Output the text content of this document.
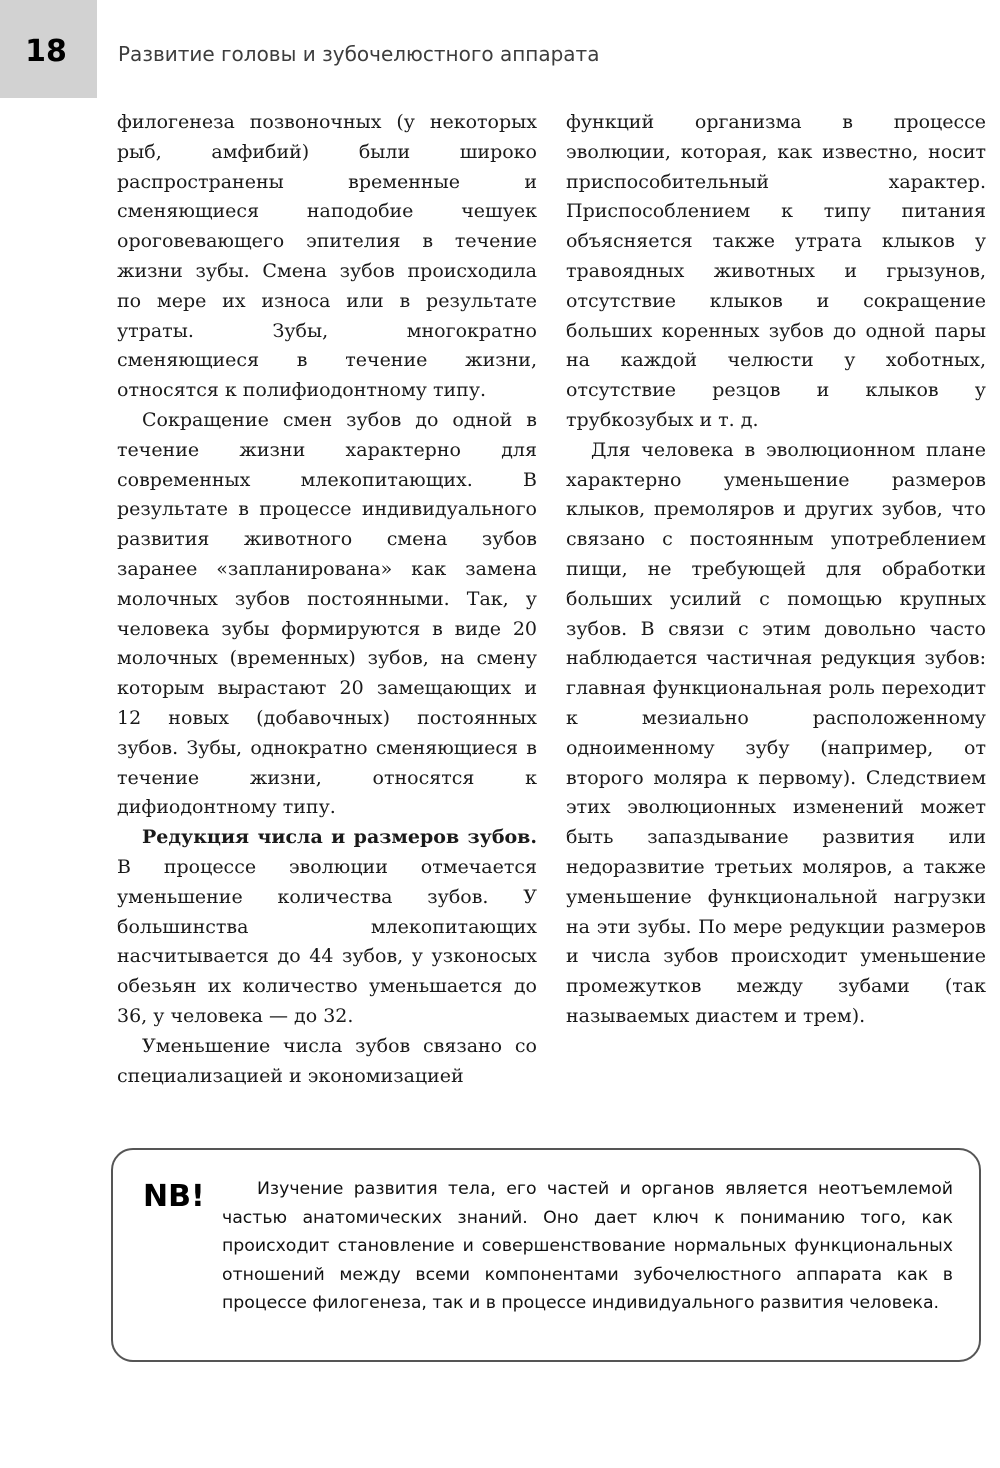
18	Развитие головы и зубочелюстного аппарата

филогенеза позвоночных (у некоторых рыб, амфибий) были широко распространены временные и сменяющиеся наподобие чешуек ороговевающего эпителия в течение жизни зубы. Смена зубов происходила по мере их износа или в результате утраты. Зубы, многократно сменяющиеся в течение жизни, относятся к полифиодонтному типу.

Сокращение смен зубов до одной в течение жизни характерно для современных млекопитающих. В результате в процессе индивидуального развития животного смена зубов заранее «запланирована» как замена молочных зубов постоянными. Так, у человека зубы формируются в виде 20 молочных (временных) зубов, на смену которым вырастают 20 замещающих и 12 новых (добавочных) постоянных зубов. Зубы, однократно сменяющиеся в течение жизни, относятся к дифиодонтному типу.

Редукция числа и размеров зубов. В процессе эволюции отмечается уменьшение количества зубов. У большинства млекопитающих насчитывается до 44 зубов, у узконосых обезьян их количество уменьшается до 36, у человека — до 32.

Уменьшение числа зубов связано со специализацией и экономизацией

функций организма в процессе эволюции, которая, как известно, носит приспособительный характер. Приспособлением к типу питания объясняется также утрата клыков у травоядных животных и грызунов, отсутствие клыков и сокращение больших коренных зубов до одной пары на каждой челюсти у хоботных, отсутствие резцов и клыков у трубкозубых и т. д.

Для человека в эволюционном плане характерно уменьшение размеров клыков, премоляров и других зубов, что связано с постоянным употреблением пищи, не требующей для обработки больших усилий с помощью крупных зубов. В связи с этим довольно часто наблюдается частичная редукция зубов: главная функциональная роль переходит к мезиально расположенному одноименному зубу (например, от второго моляра к первому). Следствием этих эволюционных изменений может быть запаздывание развития или недоразвитие третьих моляров, а также уменьшение функциональной нагрузки на эти зубы. По мере редукции размеров и числа зубов происходит уменьшение промежутков между зубами (так называемых диастем и трем).

NB!	Изучение развития тела, его частей и органов является неотъемлемой частью анатомических знаний. Оно дает ключ к пониманию того, как происходит становление и совершенствование нормальных функциональных отношений между всеми компонентами зубочелюстного аппарата как в процессе филогенеза, так и в процессе индивидуального развития человека.
